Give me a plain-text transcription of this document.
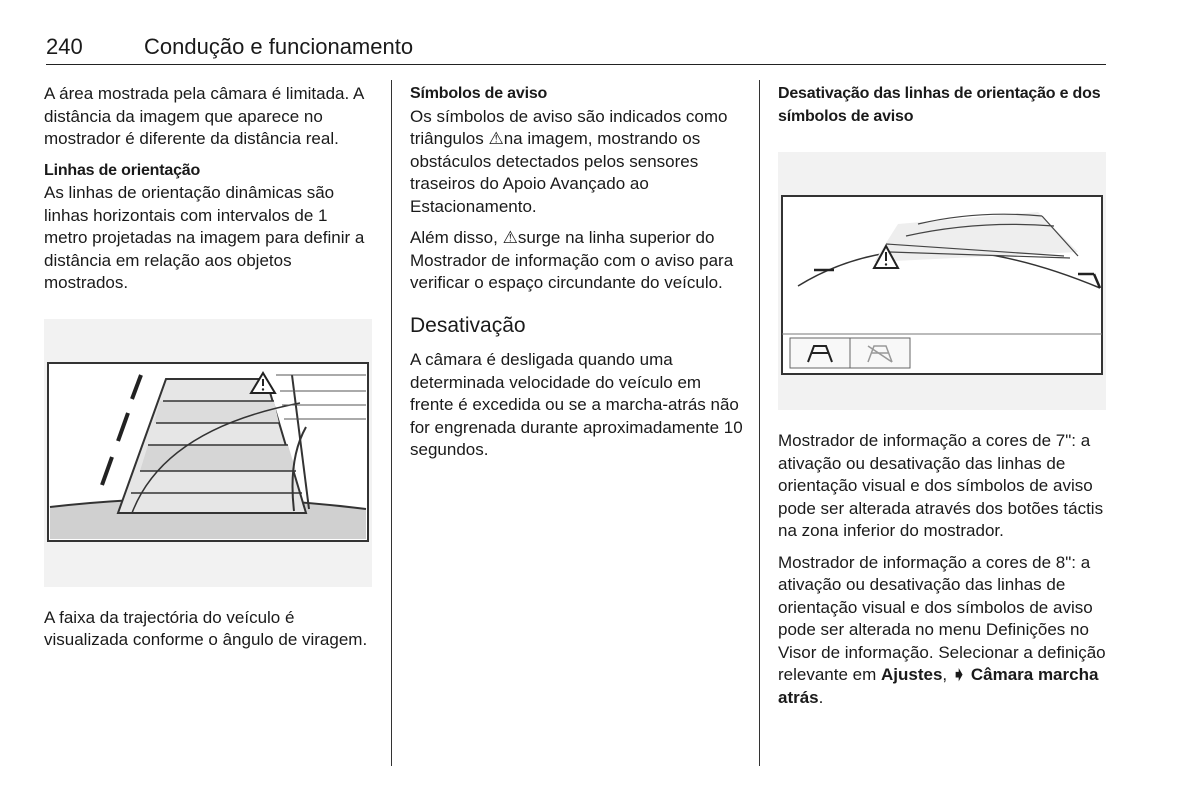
240	Condução e funcionamento

A área mostrada pela câmara é limitada. A distância da imagem que aparece no mostrador é diferente da distância real.

Linhas de orientação

As linhas de orientação dinâmicas são linhas horizontais com intervalos de 1 metro projetadas na imagem para definir a distância em relação aos objetos mostrados.

A faixa da trajectória do veículo é visualizada conforme o ângulo de viragem.

Símbolos de aviso

Os símbolos de aviso são indicados como triângulos ⚠na imagem, mostrando os obstáculos detectados pelos sensores traseiros do Apoio Avançado ao Estacionamento.

Além disso, ⚠surge na linha superior do Mostrador de informação com o aviso para verificar o espaço circundante do veículo.

Desativação

A câmara é desligada quando uma determinada velocidade do veículo em frente é excedida ou se a marcha-atrás não for engrenada durante aproximadamente 10 segundos.

Desativação das linhas de orientação e dos símbolos de aviso

Mostrador de informação a cores de 7": a ativação ou desativação das linhas de orientação visual e dos símbolos de aviso pode ser alterada através dos botões táctis na zona inferior do mostrador.

Mostrador de informação a cores de 8": a ativação ou desativação das linhas de orientação visual e dos símbolos de aviso pode ser alterada no menu Definições no Visor de informação. Selecionar a definição relevante em Ajustes, ➧ Câmara marcha atrás.
